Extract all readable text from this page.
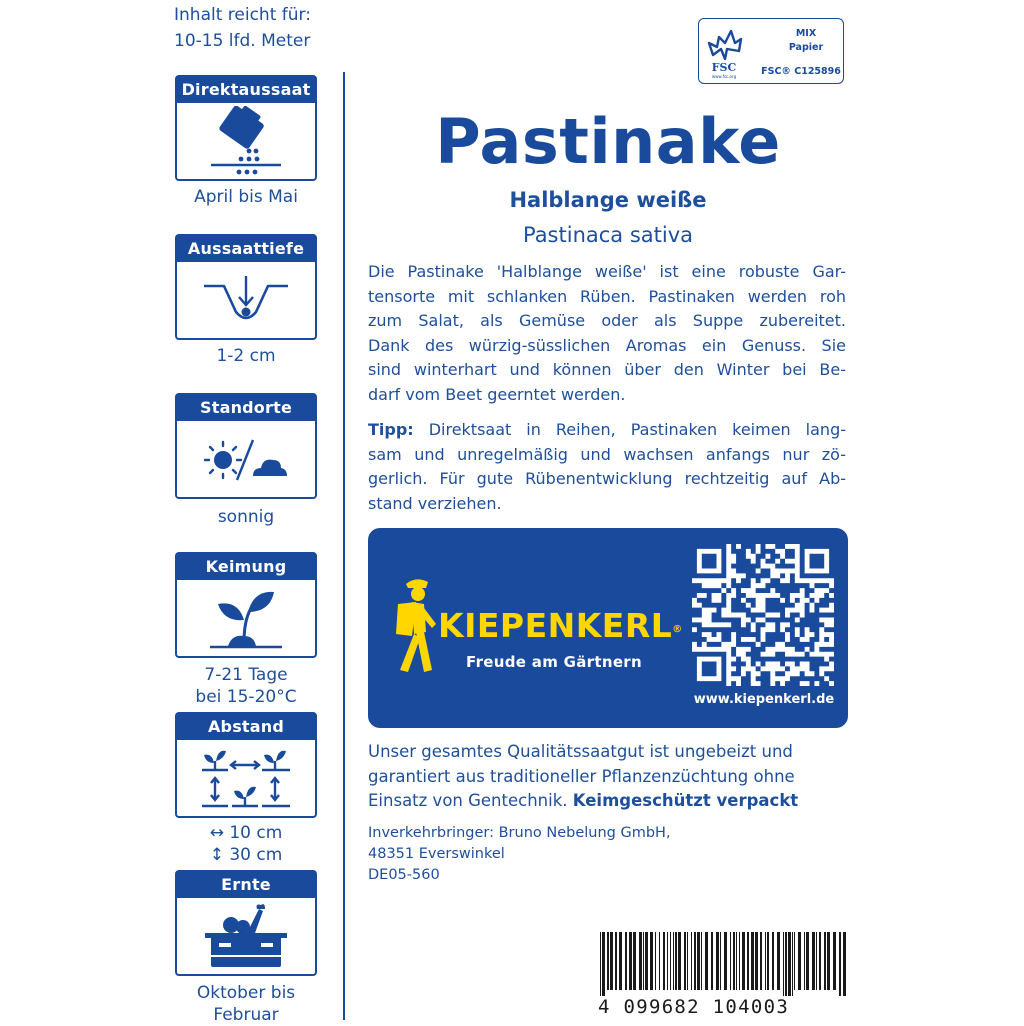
Inhalt reicht für:
10-15 lfd. Meter
Direktaussaat
April bis Mai
Aussaattiefe
1-2 cm
Standorte
sonnig
Keimung
7-21 Tage
bei 15-20°C
Abstand
↔ 10 cm
↕ 30 cm
Ernte
Oktober bis
Februar
FSC
www.fsc.org
MIX
Papier
FSC® C125896
Pastinake
Halblange weiße
Pastinaca sativa
Die Pastinake 'Halblange weiße' ist eine robuste Gar-
tensorte mit schlanken Rüben. Pastinaken werden roh
zum Salat, als Gemüse oder als Suppe zubereitet.
Dank des würzig-süsslichen Aromas ein Genuss. Sie
sind winterhart und können über den Winter bei Be-
darf vom Beet geerntet werden.
Tipp: Direktsaat in Reihen, Pastinaken keimen lang-
sam und unregelmäßig und wachsen anfangs nur zö-
gerlich. Für gute Rübenentwicklung rechtzeitig auf Ab-
stand verziehen.
KIEPENKERL®
Freude am Gärtnern
www.kiepenkerl.de
Unser gesamtes Qualitätssaatgut ist ungebeizt und
garantiert aus traditioneller Pflanzenzüchtung ohne
Einsatz von Gentechnik. Keimgeschützt verpackt
Inverkehrbringer: Bruno Nebelung GmbH,
48351 Everswinkel
DE05-560
4 099682 104003
